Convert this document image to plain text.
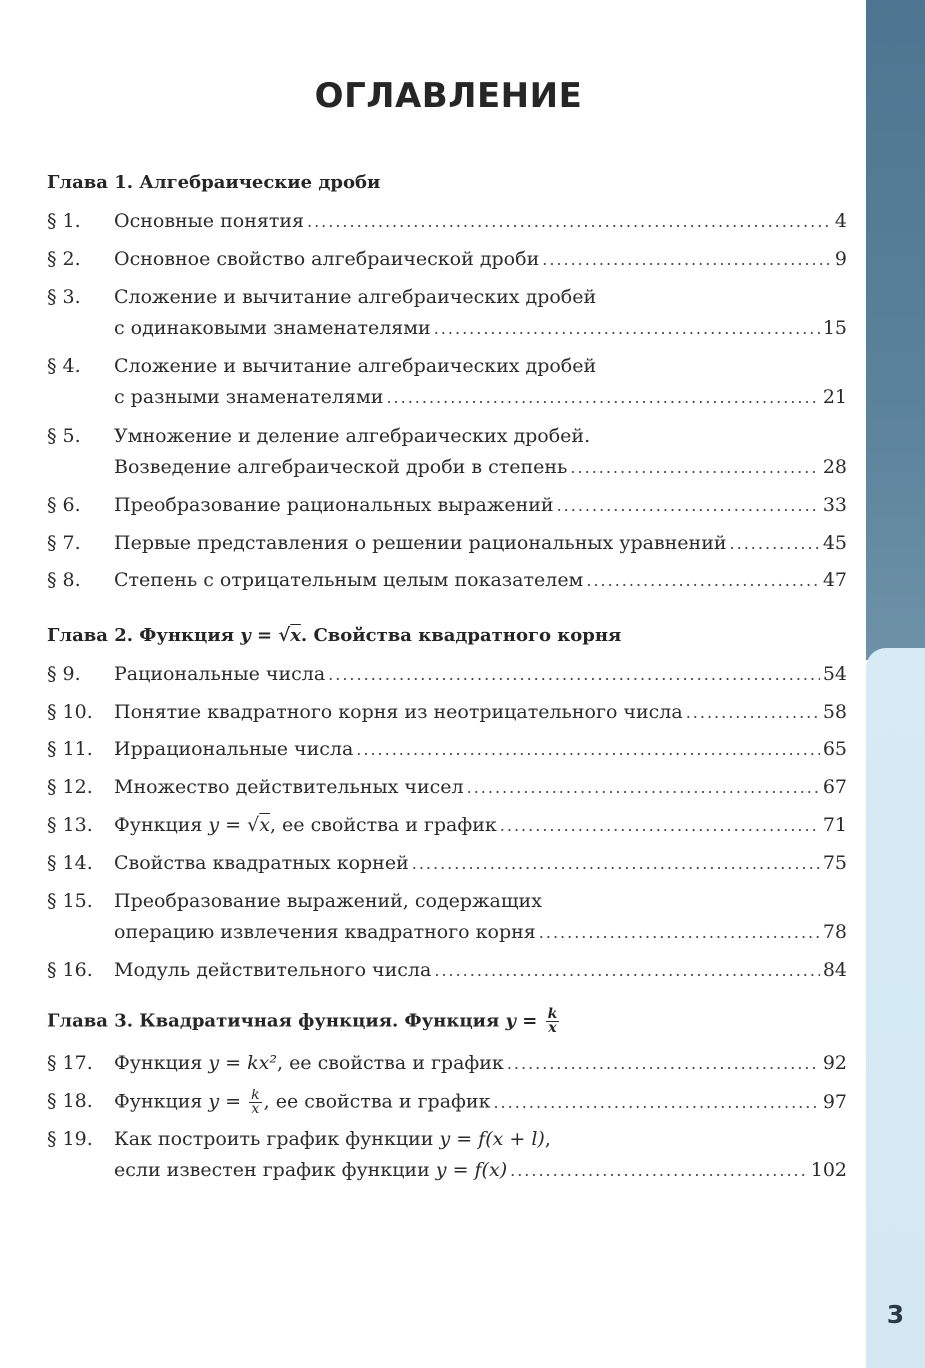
3
ОГЛАВЛЕНИЕ
Глава 1. Алгебраические дроби
§ 1. Основные понятия .....	4
§ 2. Основное свойство алгебраической дроби .....	9
§ 3. Сложение и вычитание алгебраических дробей
с одинаковыми знаменателями .....	15
§ 4. Сложение и вычитание алгебраических дробей
с разными знаменателями .....	21
§ 5. Умножение и деление алгебраических дробей.
Возведение алгебраической дроби в степень .....	28
§ 6. Преобразование рациональных выражений .....	33
§ 7. Первые представления о решении рациональных уравнений .....	45
§ 8. Степень с отрицательным целым показателем .....	47
Глава 2. Функция y = √x. Свойства квадратного корня
§ 9. Рациональные числа .....	54
§ 10. Понятие квадратного корня из неотрицательного числа .....	58
§ 11. Иррациональные числа .....	65
§ 12. Множество действительных чисел .....	67
§ 13. Функция y = √x, ее свойства и график .....	71
§ 14. Свойства квадратных корней .....	75
§ 15. Преобразование выражений, содержащих
операцию извлечения квадратного корня .....	78
§ 16. Модуль действительного числа .....	84
Глава 3. Квадратичная функция. Функция $y = \frac{k}{x}$
§ 17. Функция y = kx², ее свойства и график .....	92
§ 18. Функция $y = \frac{k}{x}$ , ее свойства и график .....	97
§ 19. Как построить график функции y = f(x + l),
если известен график функции y = f(x) .....	102
